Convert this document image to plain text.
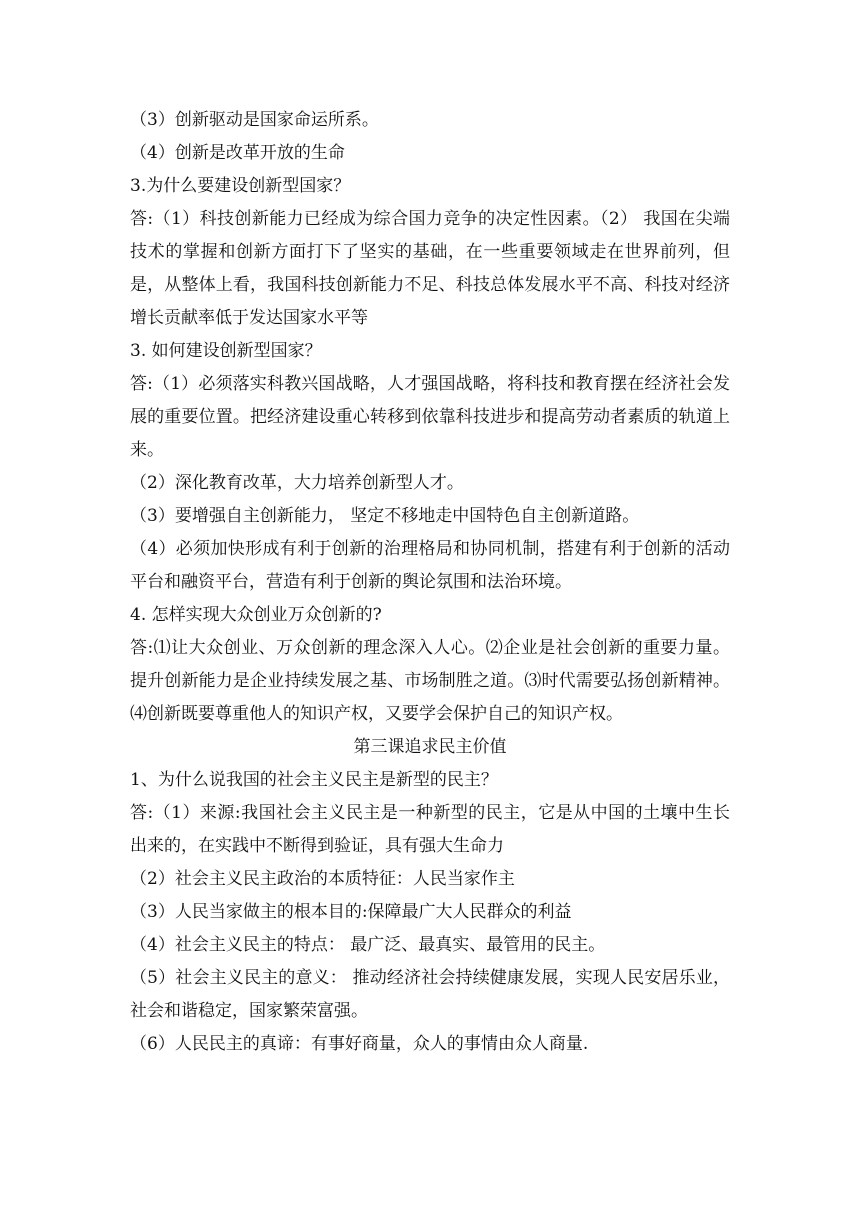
（3）创新驱动是国家命运所系。

（4）创新是改革开放的生命

3.为什么要建设创新型国家？

答:（1）科技创新能力已经成为综合国力竞争的决定性因素。（2） 我国在尖端技术的掌握和创新方面打下了坚实的基础，在一些重要领域走在世界前列，但是，从整体上看，我国科技创新能力不足、科技总体发展水平不高、科技对经济增长贡献率低于发达国家水平等

3. 如何建设创新型国家？

答:（1）必须落实科教兴国战略，人才强国战略，将科技和教育摆在经济社会发展的重要位置。把经济建设重心转移到依靠科技进步和提高劳动者素质的轨道上来。

（2）深化教育改革，大力培养创新型人才。

（3）要增强自主创新能力， 坚定不移地走中国特色自主创新道路。

（4）必须加快形成有利于创新的治理格局和协同机制，搭建有利于创新的活动平台和融资平台，营造有利于创新的舆论氛围和法治环境。

4. 怎样实现大众创业万众创新的?

答:⑴让大众创业、万众创新的理念深入人心。⑵企业是社会创新的重要力量。提升创新能力是企业持续发展之基、市场制胜之道。⑶时代需要弘扬创新精神。⑷创新既要尊重他人的知识产权，又要学会保护自己的知识产权。

第三课追求民主价值

1、为什么说我国的社会主义民主是新型的民主？

答:（1）来源:我国社会主义民主是一种新型的民主，它是从中国的土壤中生长出来的，在实践中不断得到验证，具有强大生命力

（2）社会主义民主政治的本质特征：人民当家作主

（3）人民当家做主的根本目的:保障最广大人民群众的利益

（4）社会主义民主的特点： 最广泛、最真实、最管用的民主。

（5）社会主义民主的意义： 推动经济社会持续健康发展，实现人民安居乐业，社会和谐稳定，国家繁荣富强。

（6）人民民主的真谛：有事好商量，众人的事情由众人商量.
